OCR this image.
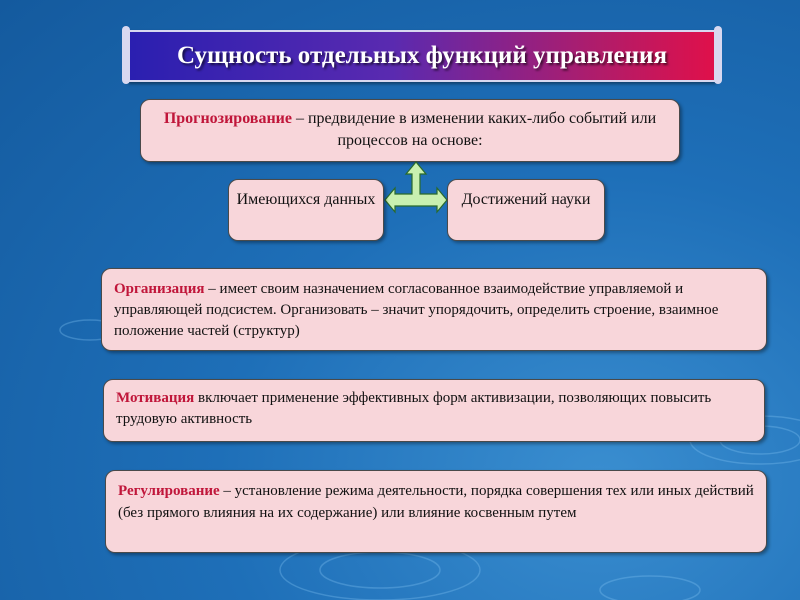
Сущность отдельных функций управления
Прогнозирование – предвидение в изменении каких-либо событий или процессов на основе:
Имеющихся данных	Достижений науки
Организация – имеет своим назначением согласованное взаимодействие управляемой и управляющей подсистем. Организовать – значит упорядочить, определить строение, взаимное положение частей (структур)
Мотивация включает применение эффективных форм активизации, позволяющих повысить трудовую активность
Регулирование – установление режима деятельности, порядка совершения тех или иных действий (без прямого влияния на их содержание) или влияние косвенным путем
